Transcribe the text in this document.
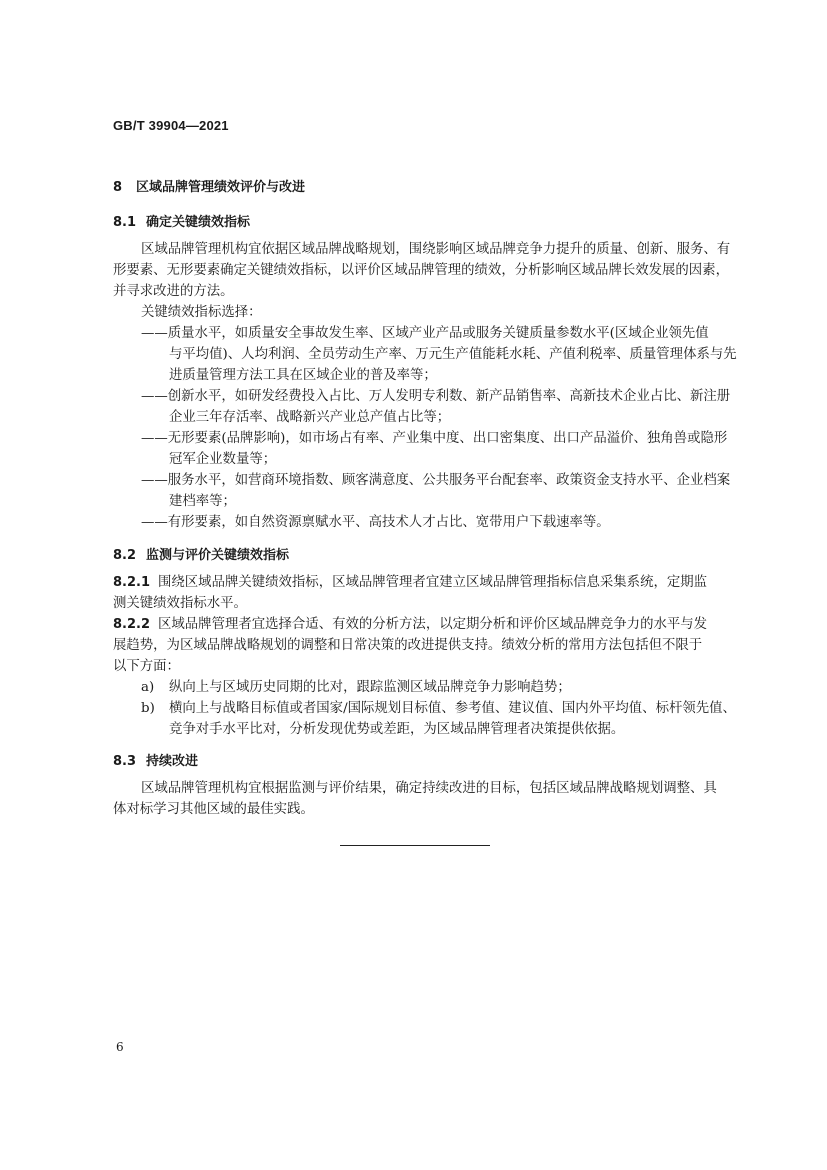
GB/T 39904—2021
8 区域品牌管理绩效评价与改进
8.1 确定关键绩效指标
区域品牌管理机构宜依据区域品牌战略规划，围绕影响区域品牌竞争力提升的质量、创新、服务、有
形要素、无形要素确定关键绩效指标，以评价区域品牌管理的绩效，分析影响区域品牌长效发展的因素，
并寻求改进的方法。
关键绩效指标选择：
——质量水平，如质量安全事故发生率、区域产业产品或服务关键质量参数水平(区域企业领先值
与平均值)、人均利润、全员劳动生产率、万元生产值能耗水耗、产值利税率、质量管理体系与先
进质量管理方法工具在区域企业的普及率等；
——创新水平，如研发经费投入占比、万人发明专利数、新产品销售率、高新技术企业占比、新注册
企业三年存活率、战略新兴产业总产值占比等；
——无形要素(品牌影响)，如市场占有率、产业集中度、出口密集度、出口产品溢价、独角兽或隐形
冠军企业数量等；
——服务水平，如营商环境指数、顾客满意度、公共服务平台配套率、政策资金支持水平、企业档案
建档率等；
——有形要素，如自然资源禀赋水平、高技术人才占比、宽带用户下载速率等。
8.2 监测与评价关键绩效指标
8.2.1 围绕区域品牌关键绩效指标，区域品牌管理者宜建立区域品牌管理指标信息采集系统，定期监
测关键绩效指标水平。
8.2.2 区域品牌管理者宜选择合适、有效的分析方法，以定期分析和评价区域品牌竞争力的水平与发
展趋势，为区域品牌战略规划的调整和日常决策的改进提供支持。绩效分析的常用方法包括但不限于
以下方面：
a) 纵向上与区域历史同期的比对，跟踪监测区域品牌竞争力影响趋势；
b) 横向上与战略目标值或者国家/国际规划目标值、参考值、建议值、国内外平均值、标杆领先值、
竞争对手水平比对，分析发现优势或差距，为区域品牌管理者决策提供依据。
8.3 持续改进
区域品牌管理机构宜根据监测与评价结果，确定持续改进的目标，包括区域品牌战略规划调整、具
体对标学习其他区域的最佳实践。
6
